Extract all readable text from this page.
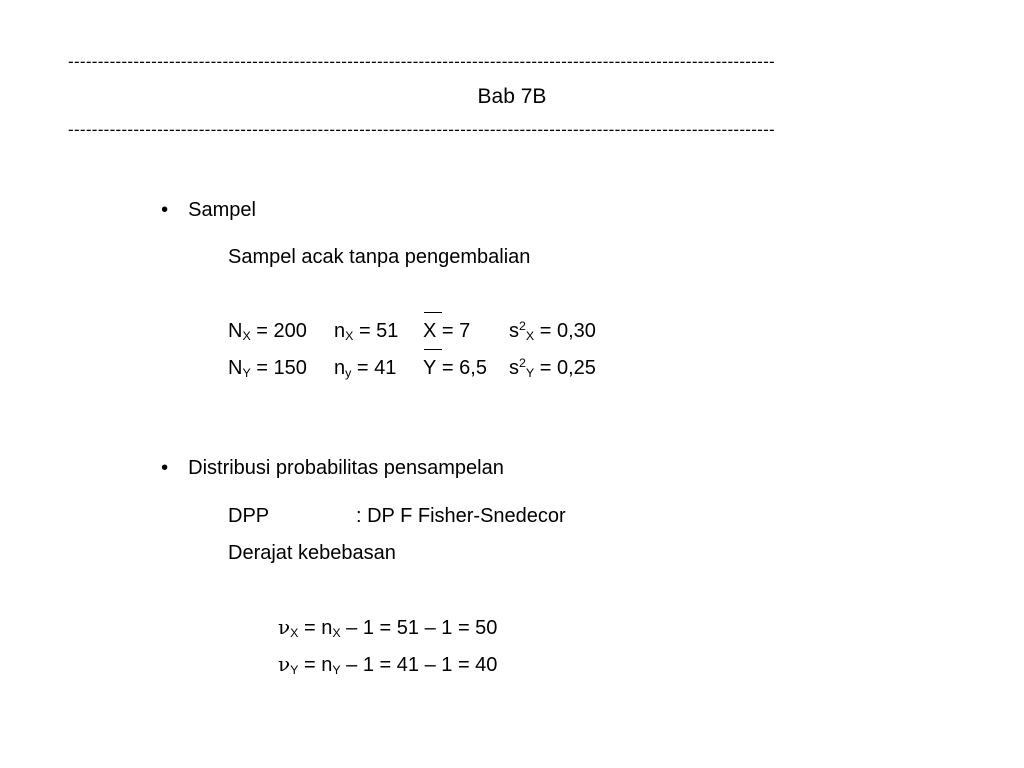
-----------------------------------------------------------------------------------------------------------------------
Bab 7B
-----------------------------------------------------------------------------------------------------------------------

• Sampel

Sampel acak tanpa pengembalian
$N_X = 200$	$n_X = 51$	X = 7	$s^2_X = 0,30$
$N_Y = 150$	$n_y = 41$	Y = 6,5	$s^2_Y = 0,25$

• Distribusi probabilitas pensampelan

DPP	: DP F Fisher-Snedecor
Derajat kebebasan
$\nu_X = n_X - 1 = 51 - 1 = 50$
$\nu_Y = n_Y - 1 = 41 - 1 = 40$
